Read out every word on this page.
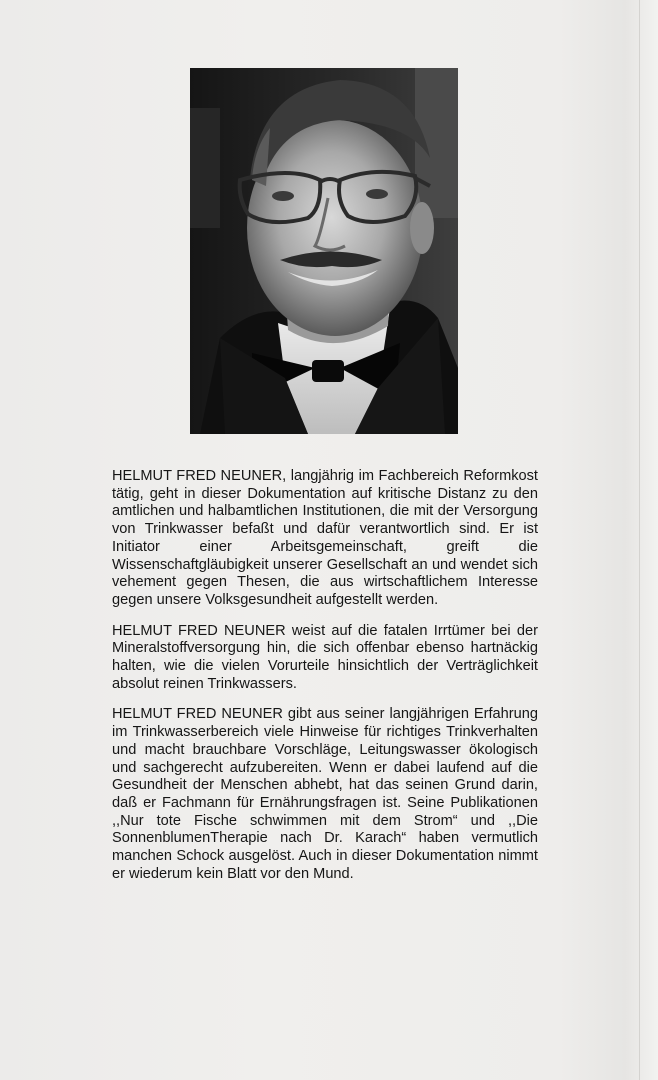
HELMUT FRED NEUNER, langjährig im Fachbereich Reformkost tätig, geht in dieser Dokumentation auf kritische Distanz zu den amtlichen und halbamtlichen Institutionen, die mit der Versorgung von Trinkwasser befaßt und dafür verantwortlich sind. Er ist Initiator einer Arbeitsgemeinschaft, greift die Wissenschaftgläubigkeit unserer Gesellschaft an und wendet sich vehement gegen Thesen, die aus wirtschaftlichem Interesse gegen unsere Volksgesundheit aufgestellt werden.

HELMUT FRED NEUNER weist auf die fatalen Irrtümer bei der Mineralstoffversorgung hin, die sich offenbar ebenso hartnäckig halten, wie die vielen Vorurteile hinsichtlich der Verträglichkeit absolut reinen Trinkwassers.

HELMUT FRED NEUNER gibt aus seiner langjährigen Erfahrung im Trinkwasserbereich viele Hinweise für richtiges Trinkverhalten und macht brauchbare Vorschläge, Leitungswasser ökologisch und sachgerecht aufzubereiten. Wenn er dabei laufend auf die Gesundheit der Menschen abhebt, hat das seinen Grund darin, daß er Fachmann für Ernährungsfragen ist. Seine Publikationen ,,Nur tote Fische schwimmen mit dem Strom“ und ,,Die SonnenblumenTherapie nach Dr. Karach“ haben vermutlich manchen Schock ausgelöst. Auch in dieser Dokumentation nimmt er wiederum kein Blatt vor den Mund.
